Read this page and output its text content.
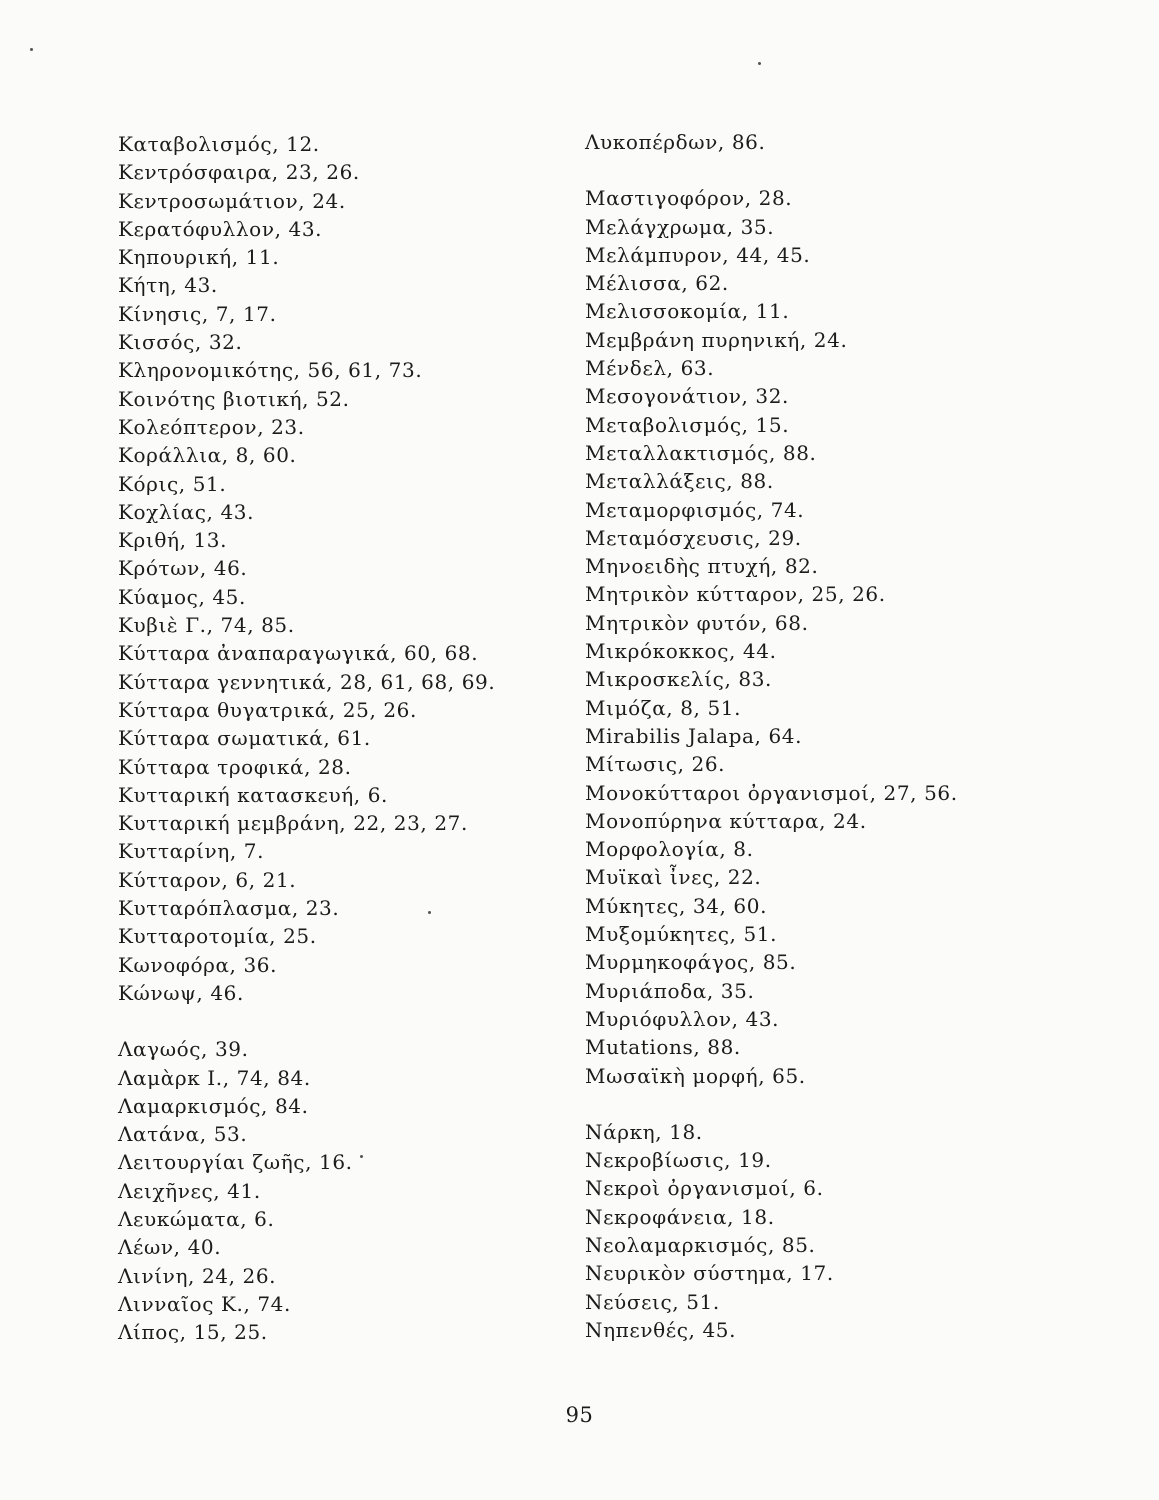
Καταβολισμός, 12.
Κεντρόσφαιρα, 23, 26.
Κεντροσωμάτιον, 24.
Κερατόφυλλον, 43.
Κηπουρική, 11.
Κήτη, 43.
Κίνησις, 7, 17.
Κισσός, 32.
Κληρονομικότης, 56, 61, 73.
Κοινότης βιοτική, 52.
Κολεόπτερον, 23.
Κοράλλια, 8, 60.
Κόρις, 51.
Κοχλίας, 43.
Κριθή, 13.
Κρότων, 46.
Κύαμος, 45.
Κυβιὲ Γ., 74, 85.
Κύτταρα ἀναπαραγωγικά, 60, 68.
Κύτταρα γεννητικά, 28, 61, 68, 69.
Κύτταρα θυγατρικά, 25, 26.
Κύτταρα σωματικά, 61.
Κύτταρα τροφικά, 28.
Κυτταρική κατασκευή, 6.
Κυτταρική μεμβράνη, 22, 23, 27.
Κυτταρίνη, 7.
Κύτταρον, 6, 21.
Κυτταρόπλασμα, 23.
Κυτταροτομία, 25.
Κωνοφόρα, 36.
Κώνωψ, 46.
Λαγωός, 39.
Λαμὰρκ Ι., 74, 84.
Λαμαρκισμός, 84.
Λατάνα, 53.
Λειτουργίαι ζωῆς, 16.
Λειχῆνες, 41.
Λευκώματα, 6.
Λέων, 40.
Λινίνη, 24, 26.
Λινναῖος Κ., 74.
Λίπος, 15, 25.
Λυκοπέρδων, 86.
Μαστιγοφόρον, 28.
Μελάγχρωμα, 35.
Μελάμπυρον, 44, 45.
Μέλισσα, 62.
Μελισσοκομία, 11.
Μεμβράνη πυρηνική, 24.
Μένδελ, 63.
Μεσογονάτιον, 32.
Μεταβολισμός, 15.
Μεταλλακτισμός, 88.
Μεταλλάξεις, 88.
Μεταμορφισμός, 74.
Μεταμόσχευσις, 29.
Μηνοειδὴς πτυχή, 82.
Μητρικὸν κύτταρον, 25, 26.
Μητρικὸν φυτόν, 68.
Μικρόκοκκος, 44.
Μικροσκελίς, 83.
Μιμόζα, 8, 51.
Mirabilis Jalapa, 64.
Μίτωσις, 26.
Μονοκύτταροι ὀργανισμοί, 27, 56.
Μονοπύρηνα κύτταρα, 24.
Μορφολογία, 8.
Μυϊκαὶ ἶνες, 22.
Μύκητες, 34, 60.
Μυξομύκητες, 51.
Μυρμηκοφάγος, 85.
Μυριάποδα, 35.
Μυριόφυλλον, 43.
Mutations, 88.
Μωσαϊκὴ μορφή, 65.
Νάρκη, 18.
Νεκροβίωσις, 19.
Νεκροὶ ὀργανισμοί, 6.
Νεκροφάνεια, 18.
Νεολαμαρκισμός, 85.
Νευρικὸν σύστημα, 17.
Νεύσεις, 51.
Νηπενθές, 45.
95
